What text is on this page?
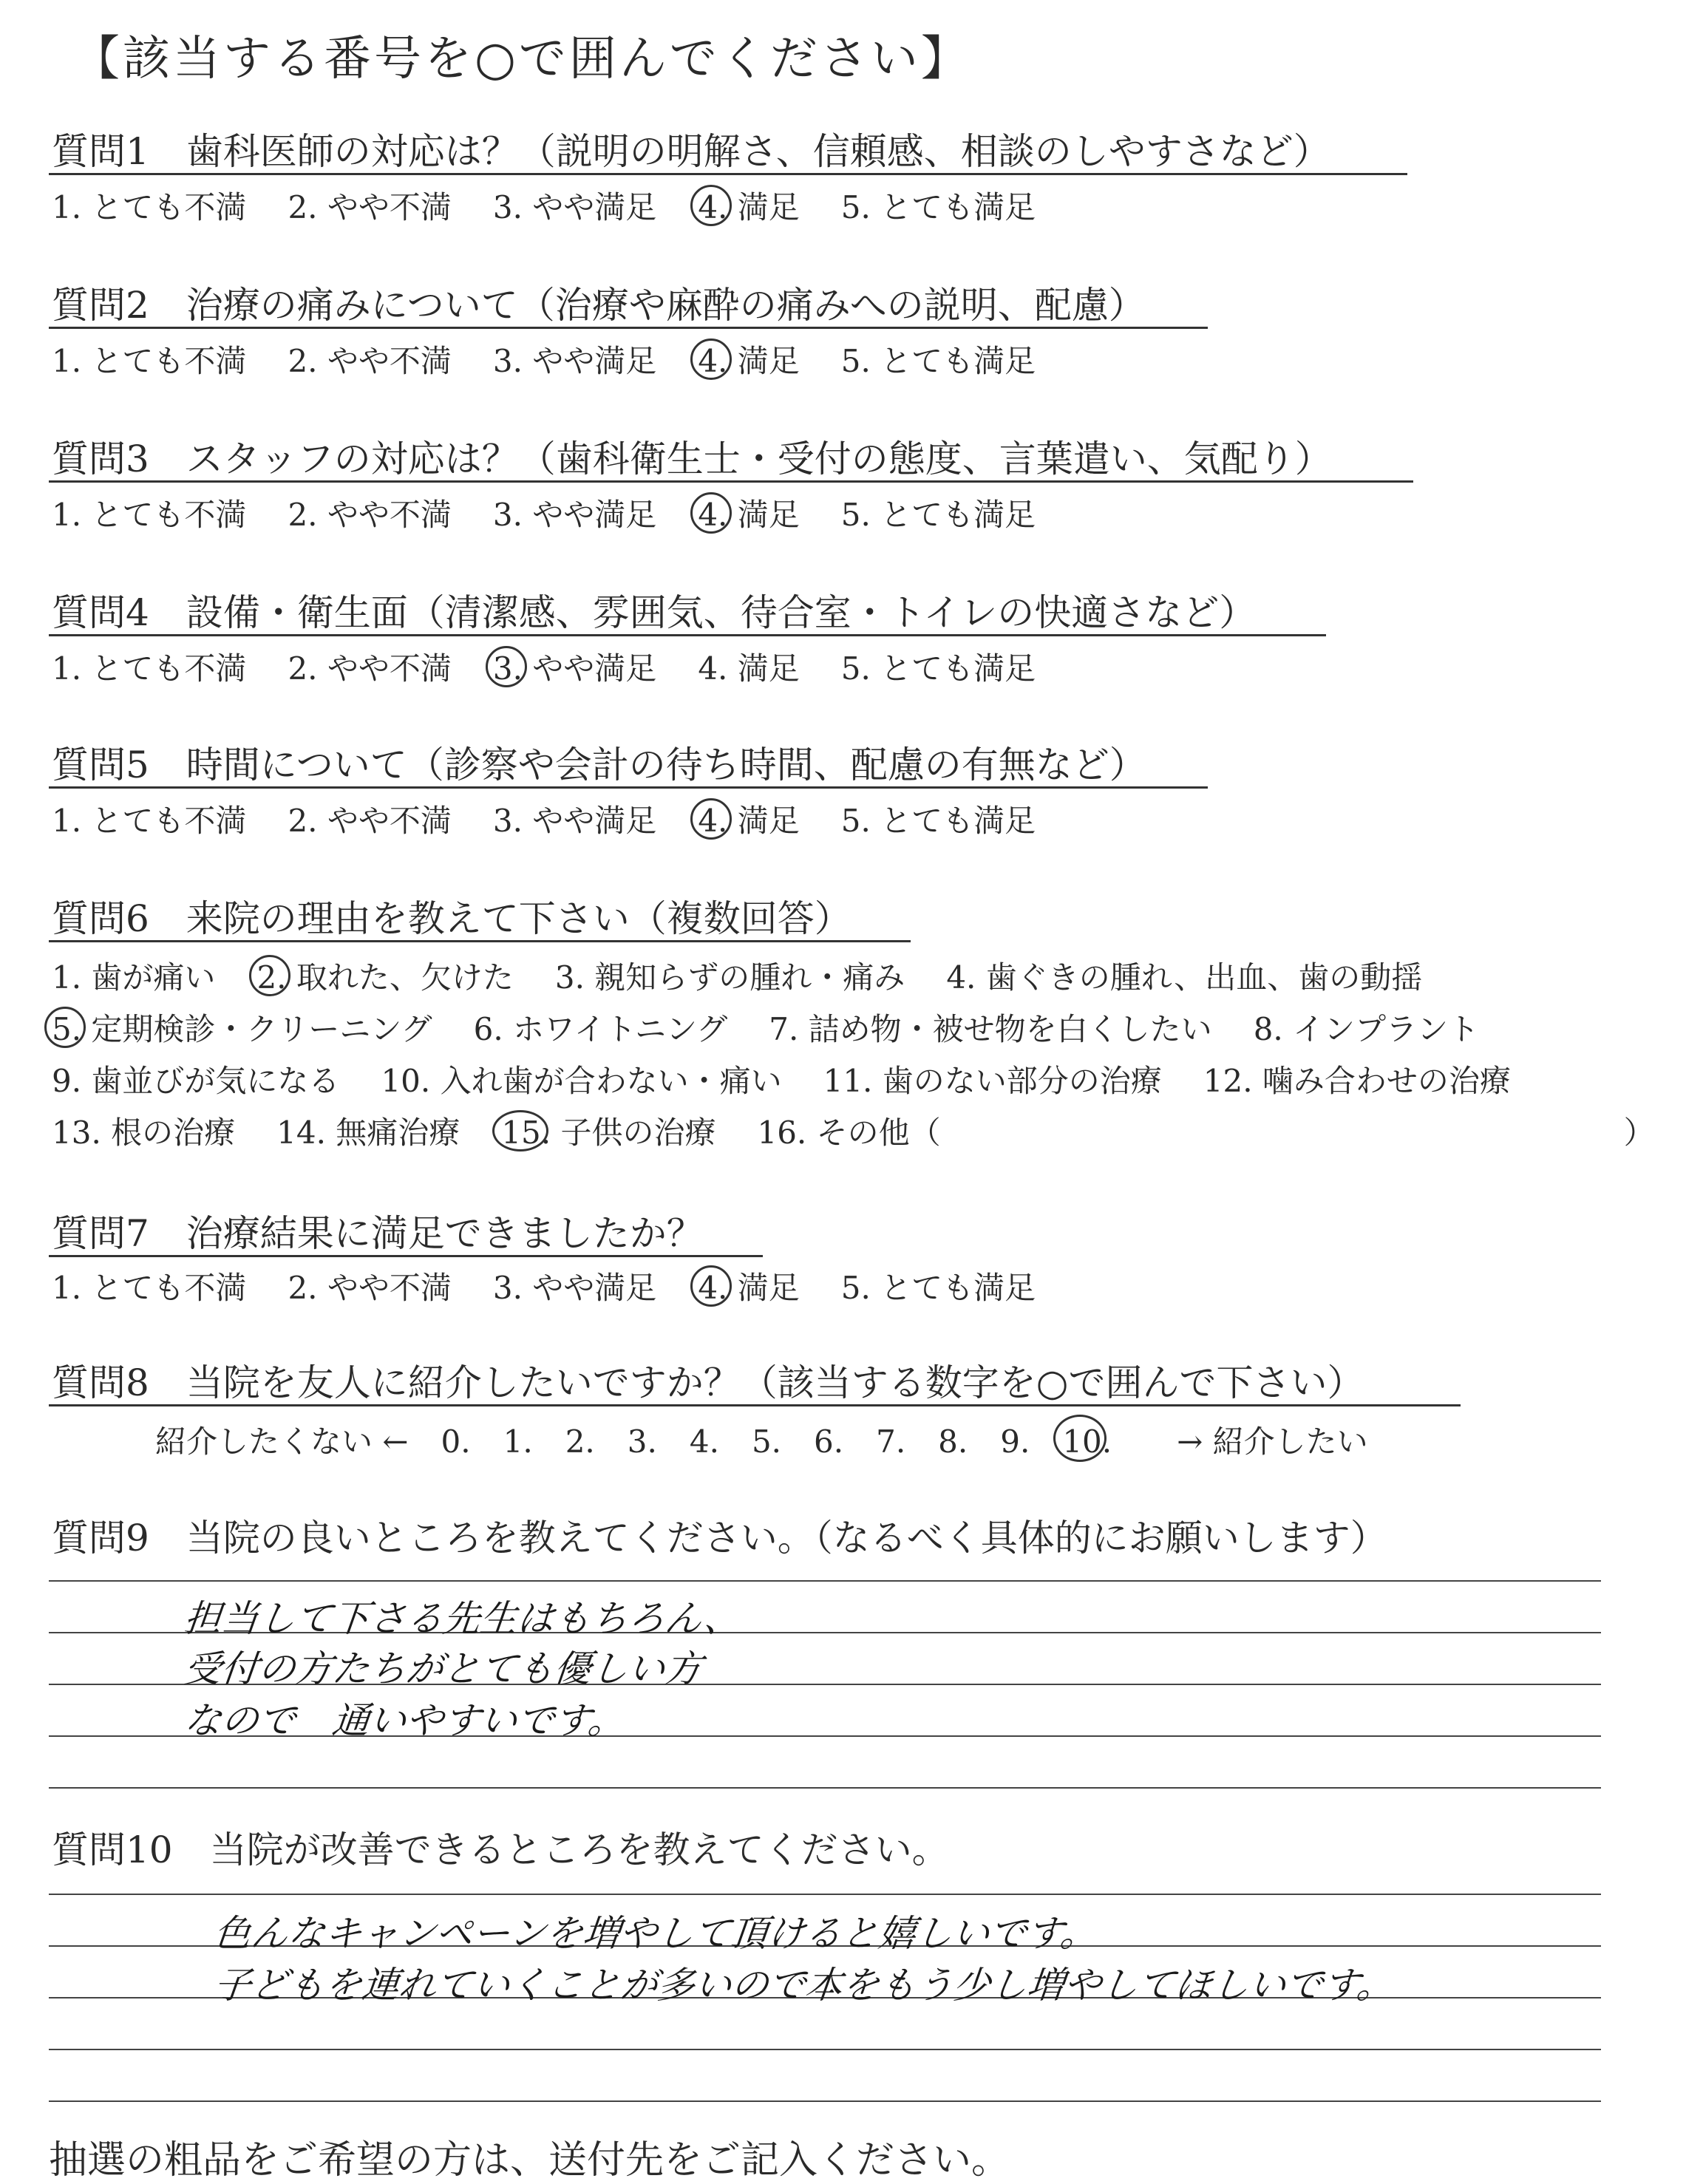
【該当する番号を○で囲んでください】
質問1　歯科医師の対応は？（説明の明解さ、信頼感、相談のしやすさなど）
1. とても不満 2. やや不満 3. やや満足 4. 満足 5. とても満足
質問2　治療の痛みについて（治療や麻酔の痛みへの説明、配慮）
1. とても不満 2. やや不満 3. やや満足 4. 満足 5. とても満足
質問3　スタッフの対応は？（歯科衛生士・受付の態度、言葉遣い、気配り）
1. とても不満 2. やや不満 3. やや満足 4. 満足 5. とても満足
質問4　設備・衛生面（清潔感、雰囲気、待合室・トイレの快適さなど）
1. とても不満 2. やや不満 3. やや満足 4. 満足 5. とても満足
質問5　時間について（診察や会計の待ち時間、配慮の有無など）
1. とても不満 2. やや不満 3. やや満足 4. 満足 5. とても満足
質問6　来院の理由を教えて下さい（複数回答）
1. 歯が痛い 2. 取れた、欠けた 3. 親知らずの腫れ・痛み 4. 歯ぐきの腫れ、出血、歯の動揺
5. 定期検診・クリーニング 6. ホワイトニング 7. 詰め物・被せ物を白くしたい 8. インプラント
9. 歯並びが気になる 10. 入れ歯が合わない・痛い 11. 歯のない部分の治療 12. 噛み合わせの治療
13. 根の治療 14. 無痛治療 15. 子供の治療 16. その他（　　　　　　　　　　　　　　　　　　　　　　）
質問7　治療結果に満足できましたか？
1. とても不満 2. やや不満 3. やや満足 4. 満足 5. とても満足
質問8　当院を友人に紹介したいですか？（該当する数字を○で囲んで下さい）
紹介したくない ← 0. 1. 2. 3. 4. 5. 6. 7. 8. 9. 10. → 紹介したい
質問9　当院の良いところを教えてください。（なるべく具体的にお願いします）
担当して下さる先生はもちろん、
受付の方たちがとても優しい方
なので　通いやすいです。
質問10　当院が改善できるところを教えてください。
色んなキャンペーンを増やして頂けると嬉しいです。
子どもを連れていくことが多いので本をもう少し増やしてほしいです。
抽選の粗品をご希望の方は、送付先をご記入ください。
